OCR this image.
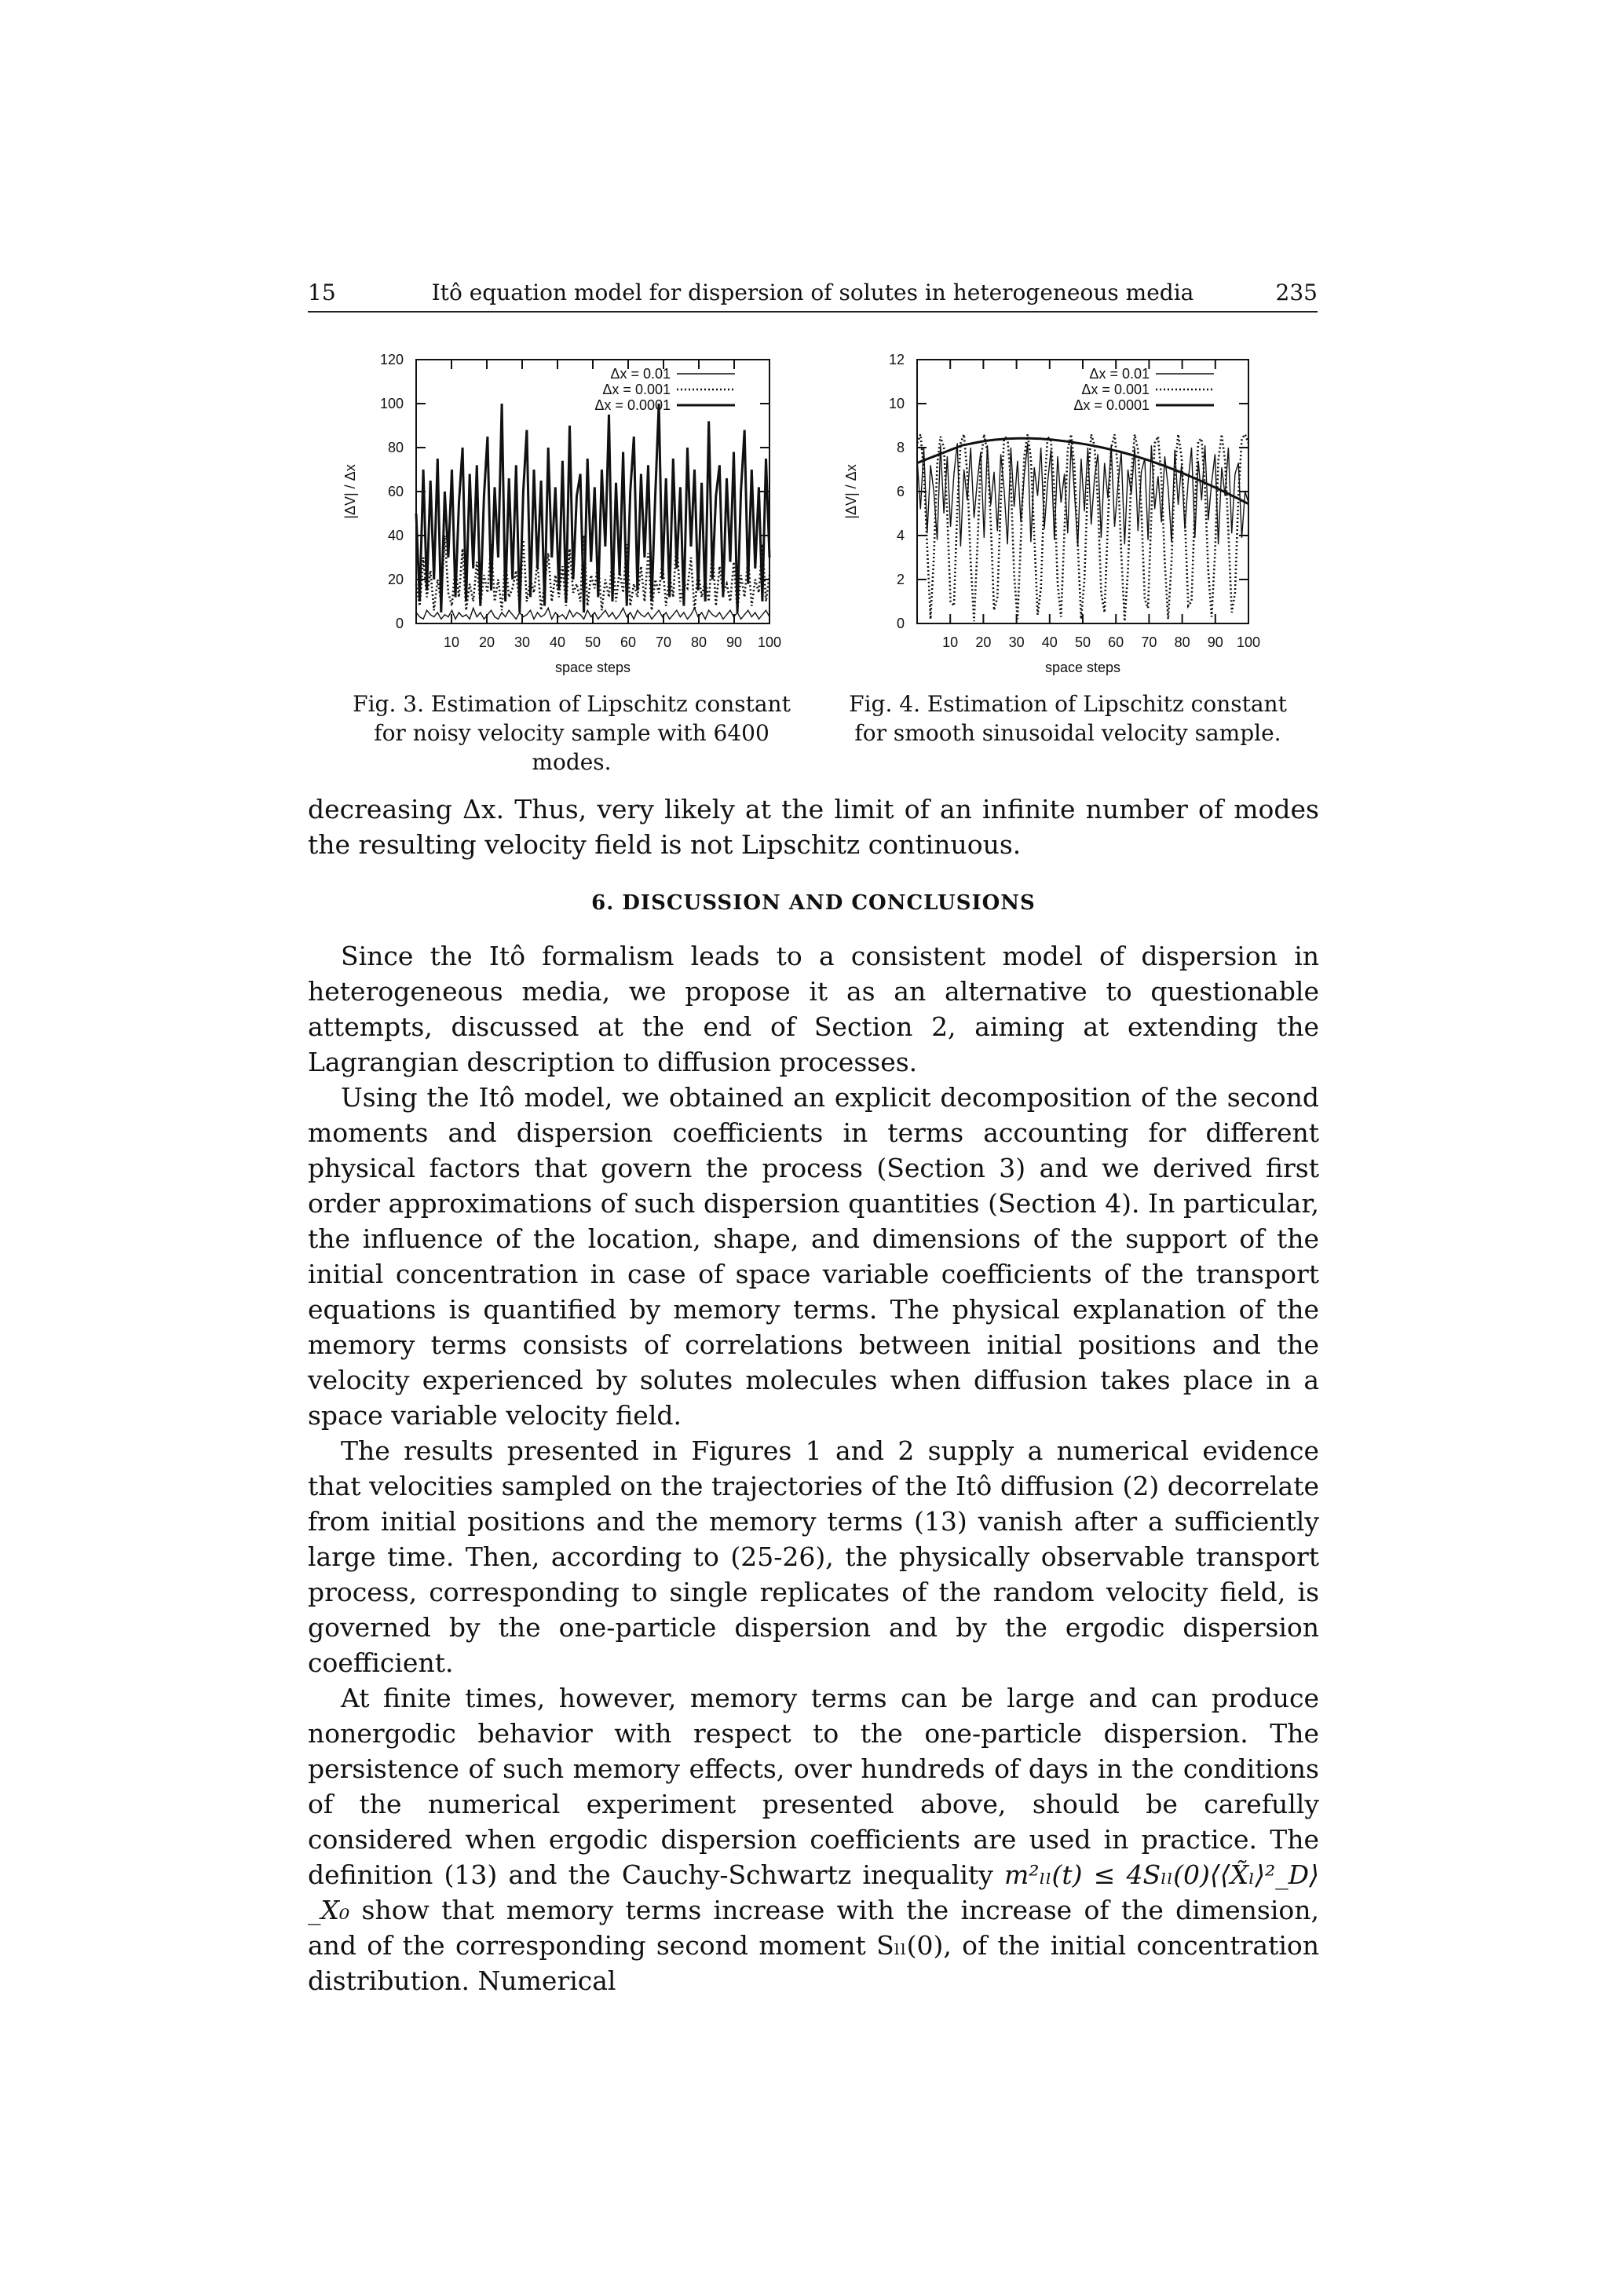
15	Itô equation model for dispersion of solutes in heterogeneous media	235
0
20
40
60
80
100
120
10 20 30 40 50 60 70 80 90 100
space steps
|ΔV| / Δx
Δx = 0.01
Δx = 0.001
Δx = 0.0001
0
2
4
6
8
10
12
10 20 30 40 50 60 70 80 90 100
space steps
|ΔV| / Δx
Δx = 0.01
Δx = 0.001
Δx = 0.0001
Fig. 3. Estimation of Lipschitz constant for noisy velocity sample with 6400 modes.
Fig. 4. Estimation of Lipschitz constant for smooth sinusoidal velocity sample.

decreasing Δx. Thus, very likely at the limit of an infinite number of modes the resulting velocity field is not Lipschitz continuous.

6. DISCUSSION AND CONCLUSIONS

Since the Itô formalism leads to a consistent model of dispersion in heterogeneous media, we propose it as an alternative to questionable attempts, discussed at the end of Section 2, aiming at extending the Lagrangian description to diffusion processes.

Using the Itô model, we obtained an explicit decomposition of the second moments and dispersion coefficients in terms accounting for different physical factors that govern the process (Section 3) and we derived first order approximations of such dispersion quantities (Section 4). In particular, the influence of the location, shape, and dimensions of the support of the initial concentration in case of space variable coefficients of the transport equations is quantified by memory terms. The physical explanation of the memory terms consists of correlations between initial positions and the velocity experienced by solutes molecules when diffusion takes place in a space variable velocity field.

The results presented in Figures 1 and 2 supply a numerical evidence that velocities sampled on the trajectories of the Itô diffusion (2) decorrelate from initial positions and the memory terms (13) vanish after a sufficiently large time. Then, according to (25-26), the physically observable transport process, corresponding to single replicates of the random velocity field, is governed by the one-particle dispersion and by the ergodic dispersion coefficient.

At finite times, however, memory terms can be large and can produce nonergodic behavior with respect to the one-particle dispersion. The persistence of such memory effects, over hundreds of days in the conditions of the numerical experiment presented above, should be carefully considered when ergodic dispersion coefficients are used in practice. The definition (13) and the Cauchy-Schwartz inequality m²ₗₗ(t) ≤ 4Sₗₗ(0)⟨⟨X̃ₗ⟩²_D⟩_X₀ show that memory terms increase with the increase of the dimension, and of the corresponding second moment Sₗₗ(0), of the initial concentration distribution. Numerical
